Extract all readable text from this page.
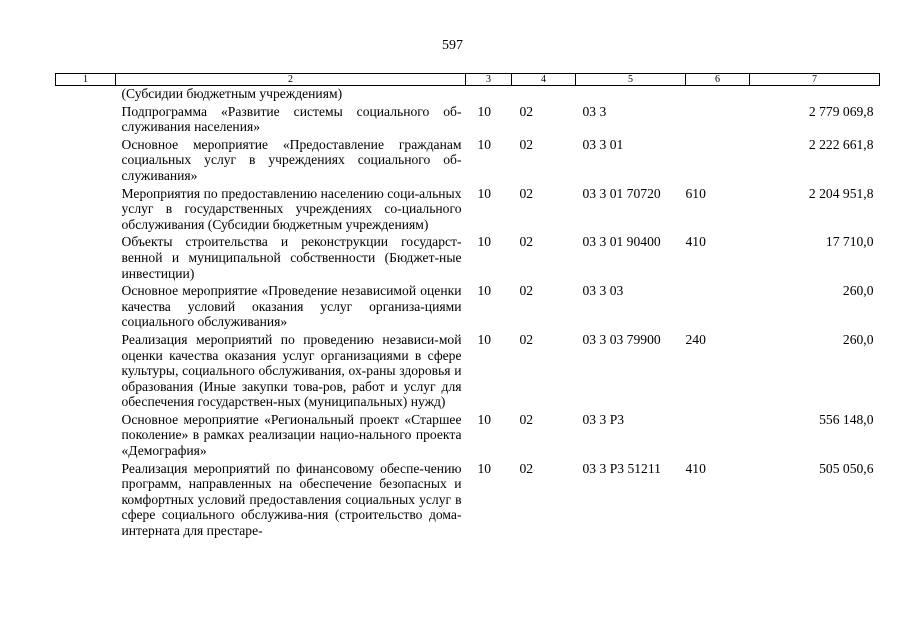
597
1	2	3	4	5	6	7
	(Субсидии бюджетным учреждениям)					
	Подпрограмма «Развитие системы социального об-служивания населения»	10	02	03 3		2 779 069,8
	Основное мероприятие «Предоставление гражданам социальных услуг в учреждениях социального об-служивания»	10	02	03 3 01		2 222 661,8
	Мероприятия по предоставлению населению соци-альных услуг в государственных учреждениях со-циального обслуживания (Субсидии бюджетным учреждениям)	10	02	03 3 01 70720	610	2 204 951,8
	Объекты строительства и реконструкции государст-венной и муниципальной собственности (Бюджет-ные инвестиции)	10	02	03 3 01 90400	410	17 710,0
	Основное мероприятие «Проведение независимой оценки качества условий оказания услуг организа-циями социального обслуживания»	10	02	03 3 03		260,0
	Реализация мероприятий по проведению независи-мой оценки качества оказания услуг организациями в сфере культуры, социального обслуживания, ох-раны здоровья и образования (Иные закупки това-ров, работ и услуг для обеспечения государствен-ных (муниципальных) нужд)	10	02	03 3 03 79900	240	260,0
	Основное мероприятие «Региональный проект «Старшее поколение» в рамках реализации нацио-нального проекта «Демография»	10	02	03 3 Р3		556 148,0
	Реализация мероприятий по финансовому обеспе-чению программ, направленных на обеспечение безопасных и комфортных условий предоставления социальных услуг в сфере социального обслужива-ния (строительство дома-интерната для престаре-	10	02	03 3 Р3 51211	410	505 050,6
